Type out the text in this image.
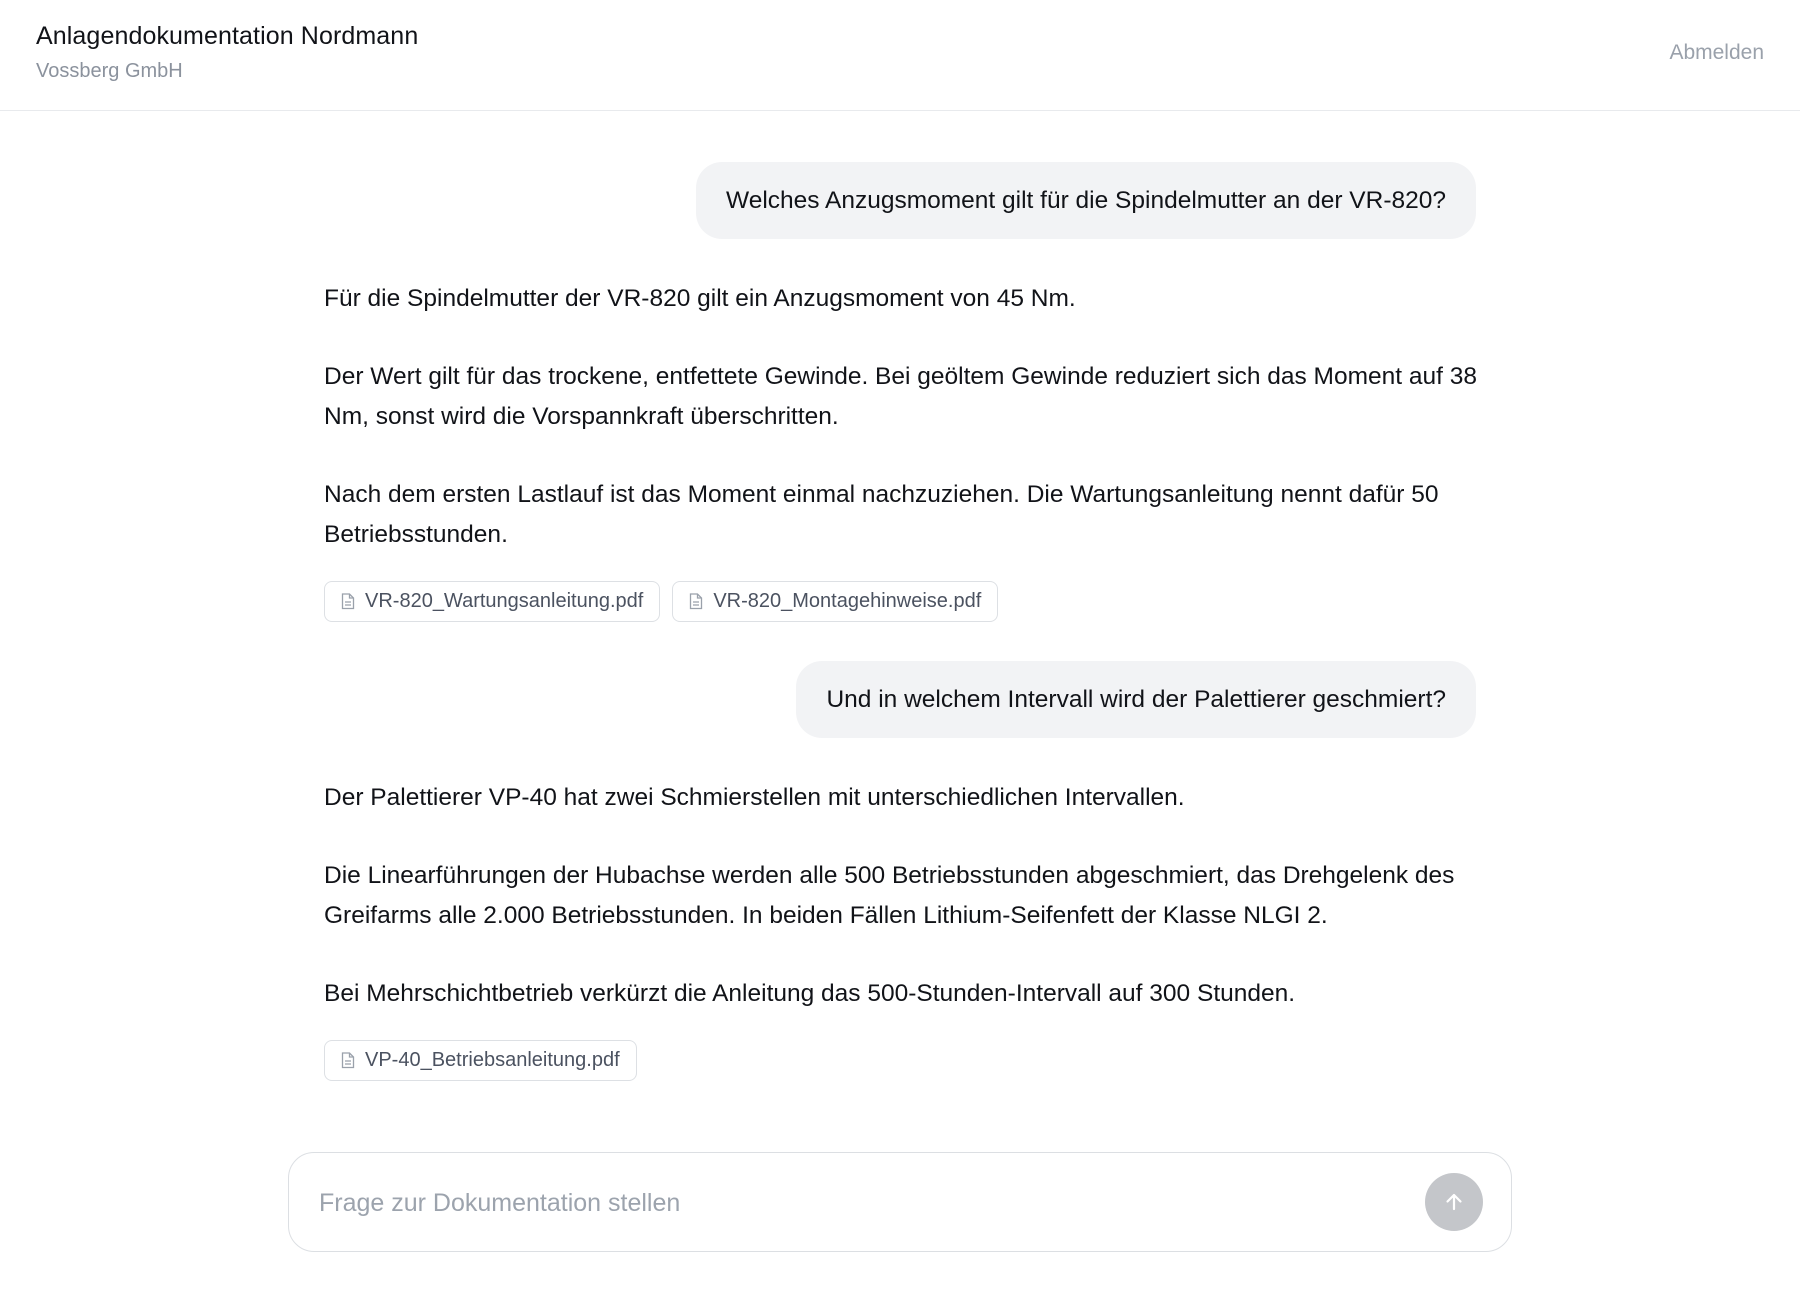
Anlagendokumentation Nordmann
Vossberg GmbH
Abmelden
Welches Anzugsmoment gilt für die Spindelmutter an der VR-820?

Für die Spindelmutter der VR-820 gilt ein Anzugsmoment von 45 Nm.

Der Wert gilt für das trockene, entfettete Gewinde. Bei geöltem Gewinde reduziert sich das Moment auf 38 Nm, sonst wird die Vorspannkraft überschritten.

Nach dem ersten Lastlauf ist das Moment einmal nachzuziehen. Die Wartungsanleitung nennt dafür 50 Betriebsstunden.

VR-820_Wartungsanleitung.pdf	VR-820_Montagehinweise.pdf
Und in welchem Intervall wird der Palettierer geschmiert?

Der Palettierer VP-40 hat zwei Schmierstellen mit unterschiedlichen Intervallen.

Die Linearführungen der Hubachse werden alle 500 Betriebsstunden abgeschmiert, das Drehgelenk des Greifarms alle 2.000 Betriebsstunden. In beiden Fällen Lithium-Seifenfett der Klasse NLGI 2.

Bei Mehrschichtbetrieb verkürzt die Anleitung das 500-Stunden-Intervall auf 300 Stunden.

VP-40_Betriebsanleitung.pdf
Frage zur Dokumentation stellen
